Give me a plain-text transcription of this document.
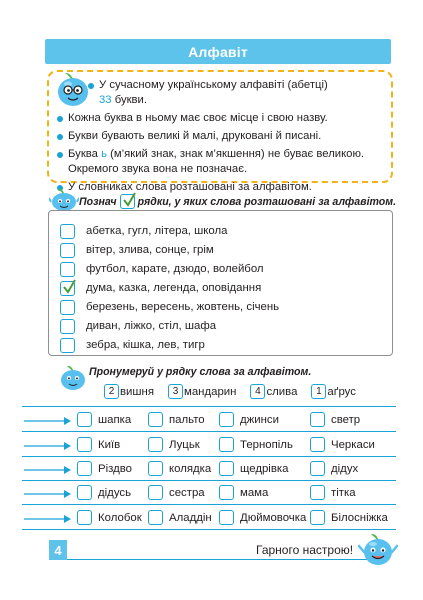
Алфавіт
У сучасному українському алфавіті (абетці)
33 букви.
Кожна буква в ньому має своє місце і свою назву.
Букви бувають великі й малі, друковані й писані.
Буква ь (м’який знак, знак м’якшення) не буває великою. Окремого звука вона не позначає.
У словниках слова розташовані за алфавітом.
Познач рядки, у яких слова розташовані за алфавітом.
абетка, гугл, літера, школа
вітер, злива, сонце, грім
футбол, карате, дзюдо, волейбол
дума, казка, легенда, оповідання
березень, вересень, жовтень, січень
диван, ліжко, стіл, шафа
зебра, кішка, лев, тигр
Пронумеруй у рядку слова за алфавітом.
2 вишня	3 мандарин	4 слива	1 аґрус
шапка	пальто	джинси	светр
Київ	Луцьк	Тернопіль	Черкаси
Різдво	колядка	щедрівка	дідух
дідусь	сестра	мама	тітка
Колобок Аладдін Дюймовочка Білосніжка
4	Гарного настрою!
